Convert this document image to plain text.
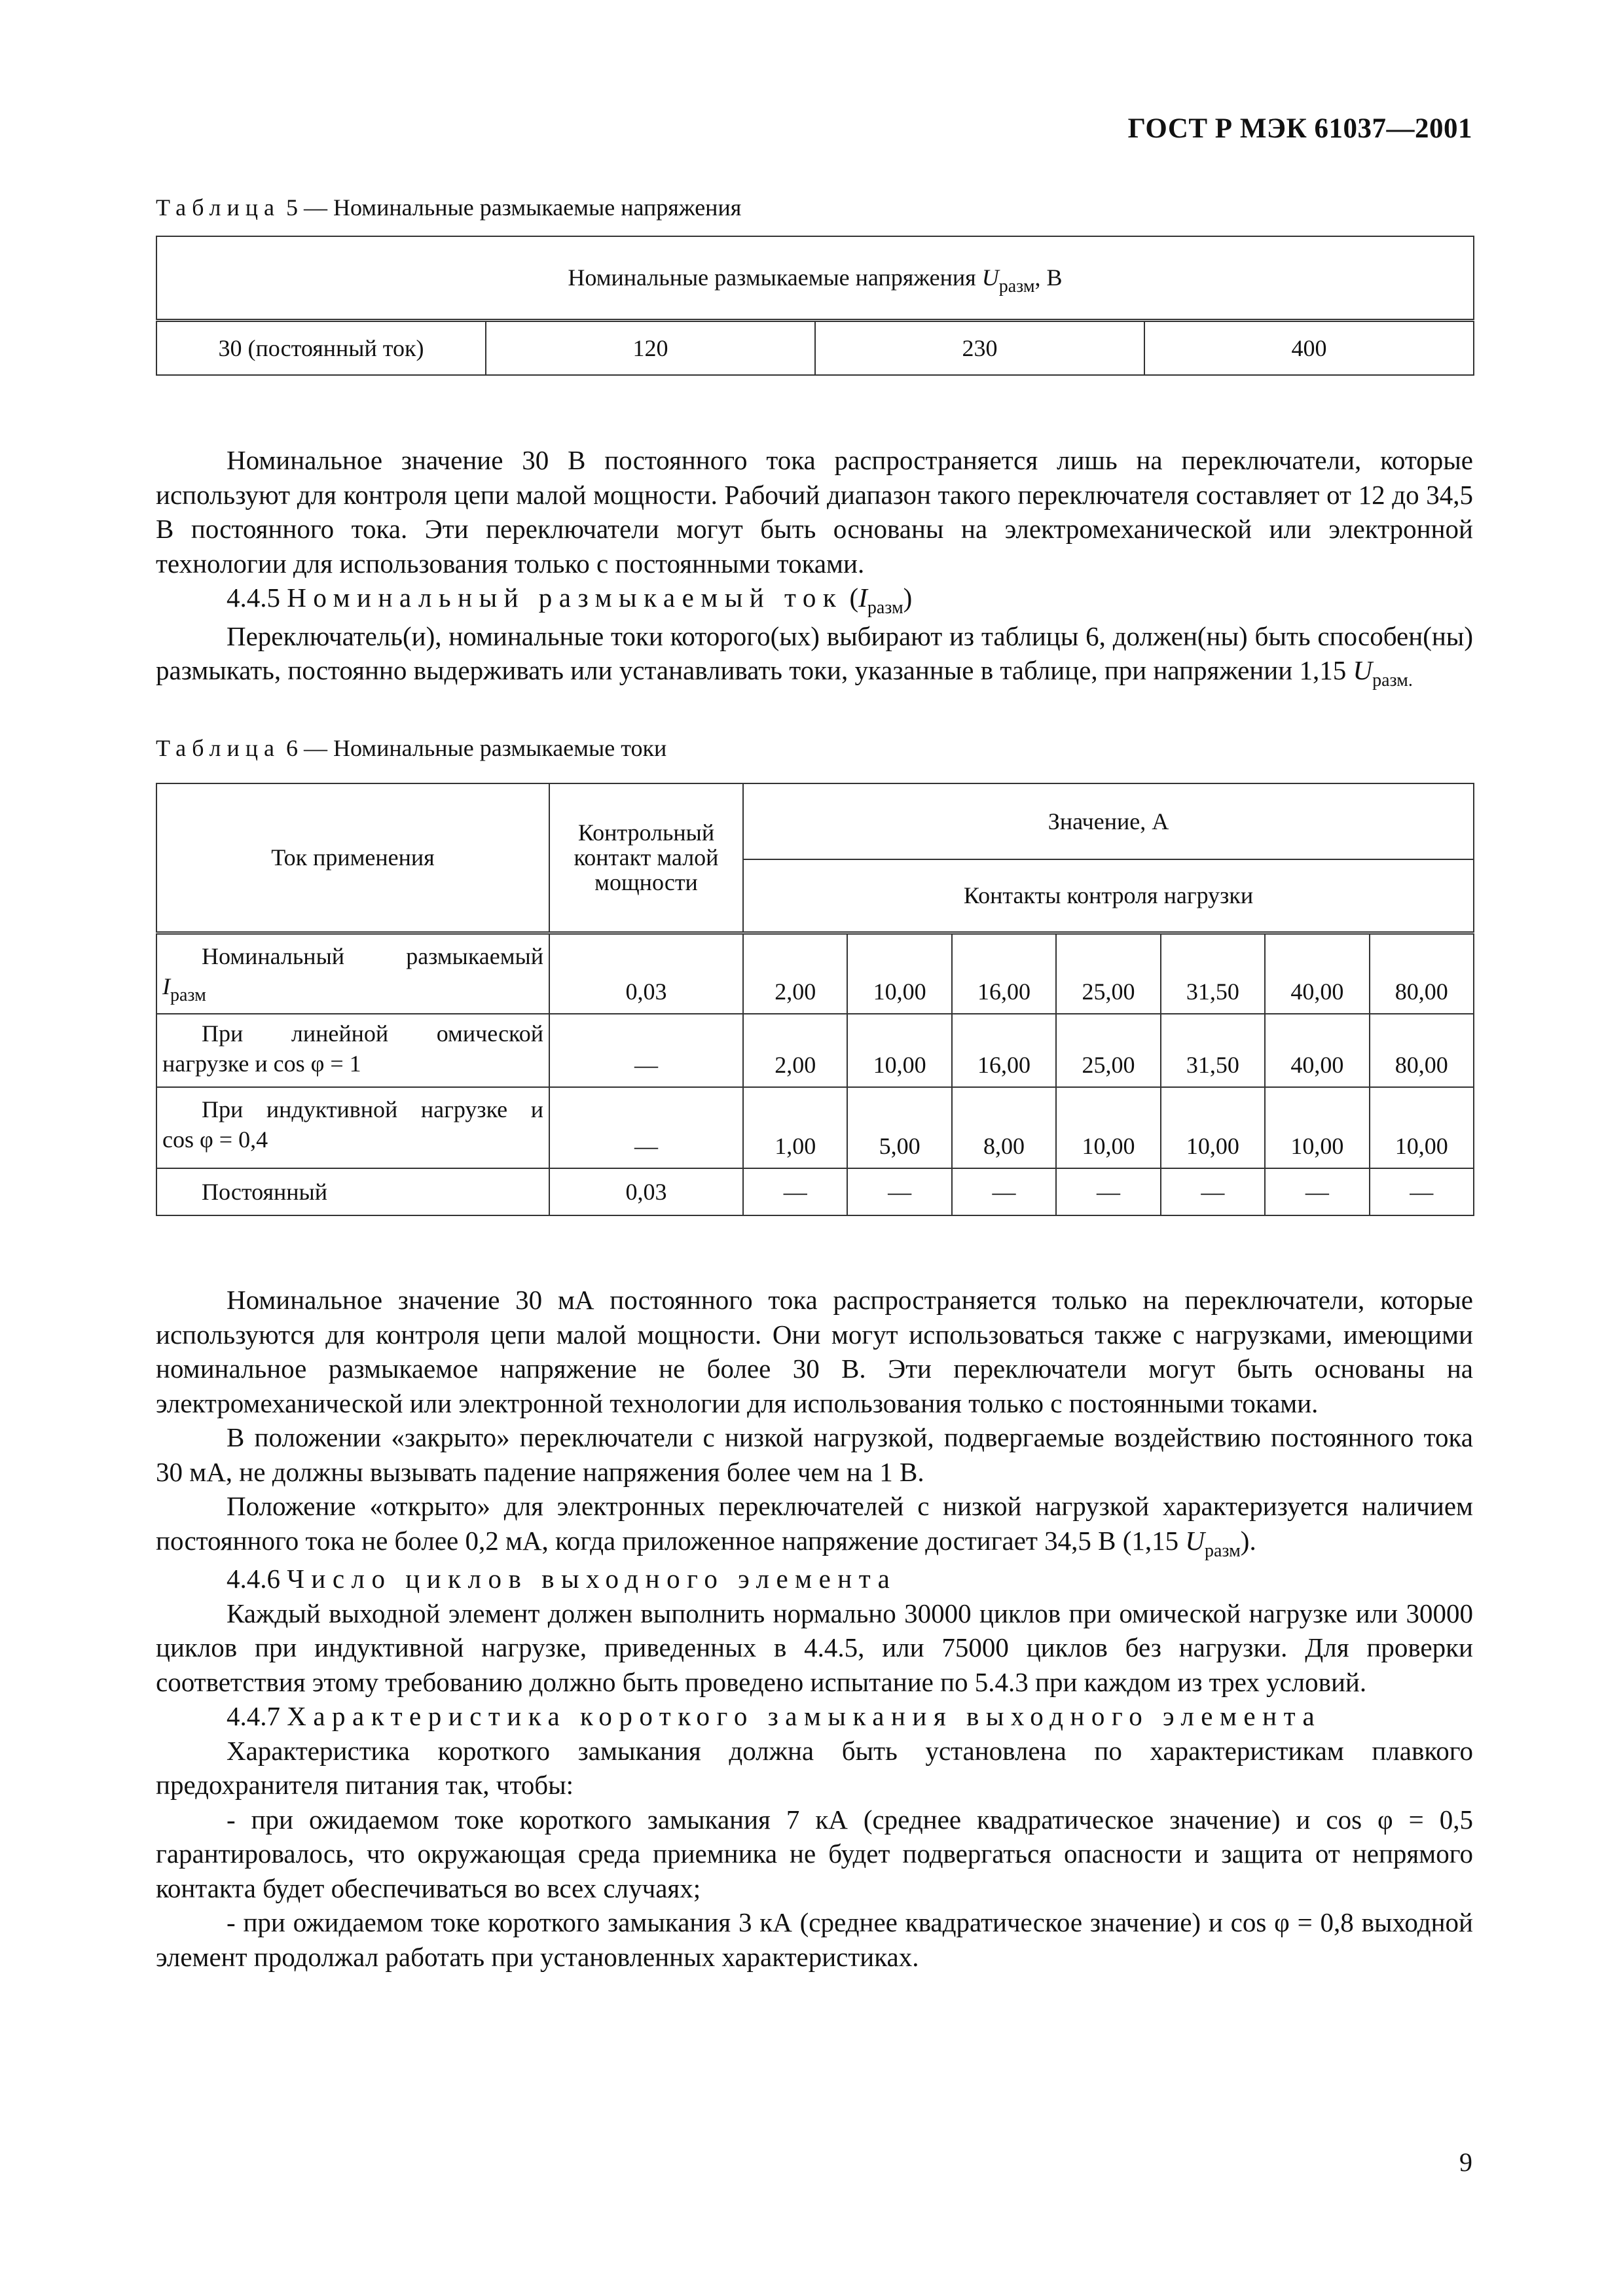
ГОСТ Р МЭК 61037—2001
Таблица 5 — Номинальные размыкаемые напряжения
Номинальные размыкаемые напряжения $U_{разм}$, В
30 (постоянный ток)	120	230	400

Номинальное значение 30 В постоянного тока распространяется лишь на переключатели, которые используют для контроля цепи малой мощности. Рабочий диапазон такого переключателя составляет от 12 до 34,5 В постоянного тока. Эти переключатели могут быть основаны на электромеханической или электронной технологии для использования только с постоянными токами.

4.4.5 Номинальный размыкаемый ток $(I_{разм})$

Переключатель(и), номинальные токи которого(ых) выбирают из таблицы 6, должен(ны) быть способен(ны) размыкать, постоянно выдерживать или устанавливать токи, указанные в таблице, при напряжении 1,15 $U_{разм.}$

Таблица 6 — Номинальные размыкаемые токи
Ток применения	Контрольный контакт малой мощности	Значение, А						
		Контакты контроля нагрузки						

Номинальный размыкаемый
$I_{разм}$	0,03	2,00	10,00	16,00	25,00	31,50	40,00	80,00

При линейной омической
нагрузке и cos φ = 1	—	2,00	10,00	16,00	25,00	31,50	40,00	80,00

При индуктивной нагрузке и
cos φ = 0,4	—	1,00	5,00	8,00	10,00	10,00	10,00	10,00
Постоянный	0,03	—	—	—	—	—	—	—

Номинальное значение 30 мА постоянного тока распространяется только на переключатели, которые используются для контроля цепи малой мощности. Они могут использоваться также с нагрузками, имеющими номинальное размыкаемое напряжение не более 30 В. Эти переключатели могут быть основаны на электромеханической или электронной технологии для использования только с постоянными токами.

В положении «закрыто» переключатели с низкой нагрузкой, подвергаемые воздействию постоянного тока 30 мА, не должны вызывать падение напряжения более чем на 1 В.

Положение «открыто» для электронных переключателей с низкой нагрузкой характеризуется наличием постоянного тока не более 0,2 мА, когда приложенное напряжение достигает 34,5 В (1,15 $U_{разм}$).

4.4.6 Число циклов выходного элемента

Каждый выходной элемент должен выполнить нормально 30000 циклов при омической нагрузке или 30000 циклов при индуктивной нагрузке, приведенных в 4.4.5, или 75000 циклов без нагрузки. Для проверки соответствия этому требованию должно быть проведено испытание по 5.4.3 при каждом из трех условий.

4.4.7 Характеристика короткого замыкания выходного элемента

Характеристика короткого замыкания должна быть установлена по характеристикам плавкого предохранителя питания так, чтобы:

- при ожидаемом токе короткого замыкания 7 кА (среднее квадратическое значение) и cos φ = 0,5 гарантировалось, что окружающая среда приемника не будет подвергаться опасности и защита от непрямого контакта будет обеспечиваться во всех случаях;

- при ожидаемом токе короткого замыкания 3 кА (среднее квадратическое значение) и cos φ = 0,8 выходной элемент продолжал работать при установленных характеристиках.

9
